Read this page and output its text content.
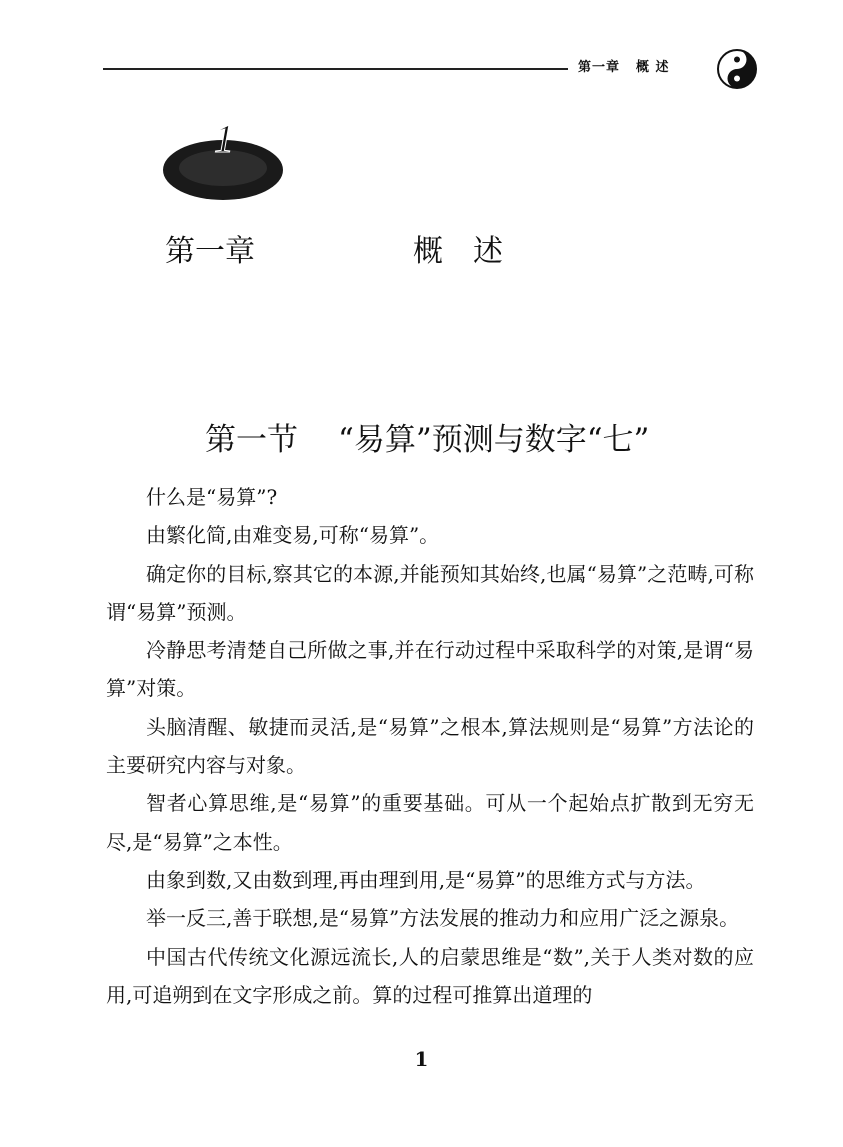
第一章 概 述
1
第一章	概述
第一节 “易算”预测与数字“七”

什么是“易算”?

由繁化简,由难变易,可称“易算”。

确定你的目标,察其它的本源,并能预知其始终,也属“易算”之范畴,可称谓“易算”预测。

冷静思考清楚自己所做之事,并在行动过程中采取科学的对策,是谓“易算”对策。

头脑清醒、敏捷而灵活,是“易算”之根本,算法规则是“易算”方法论的主要研究内容与对象。

智者心算思维,是“易算”的重要基础。可从一个起始点扩散到无穷无尽,是“易算”之本性。

由象到数,又由数到理,再由理到用,是“易算”的思维方式与方法。

举一反三,善于联想,是“易算”方法发展的推动力和应用广泛之源泉。

中国古代传统文化源远流长,人的启蒙思维是“数”,关于人类对数的应用,可追朔到在文字形成之前。算的过程可推算出道理的

1
